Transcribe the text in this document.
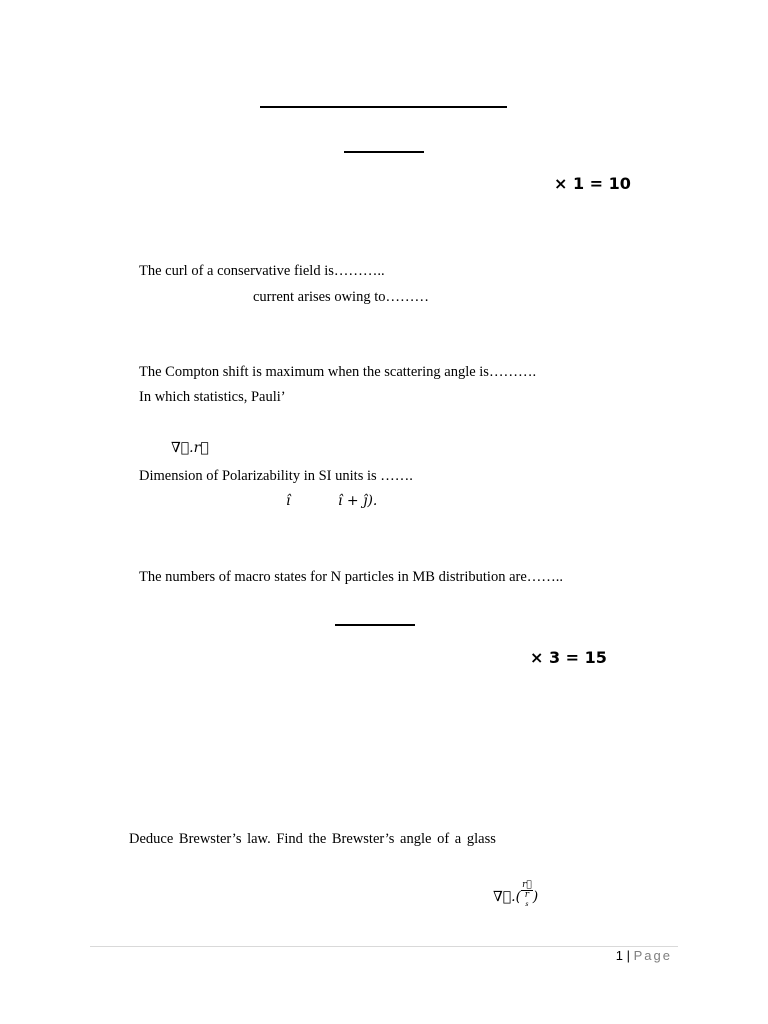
× 1 = 10
The curl of a conservative field is………..
current arises owing to………
The Compton shift is maximum when the scattering angle is……….
In which statistics, Pauli’
∇⃗.r⃗
Dimension of Polarizability in SI units is …….
î	î + ĵ).
The numbers of macro states for N particles in MB distribution are……..
× 3 = 15
Deduce Brewster’s law. Find the Brewster’s angle of a glass
∇⃗.( r⃗
r
$^s$ )
1 | Page
